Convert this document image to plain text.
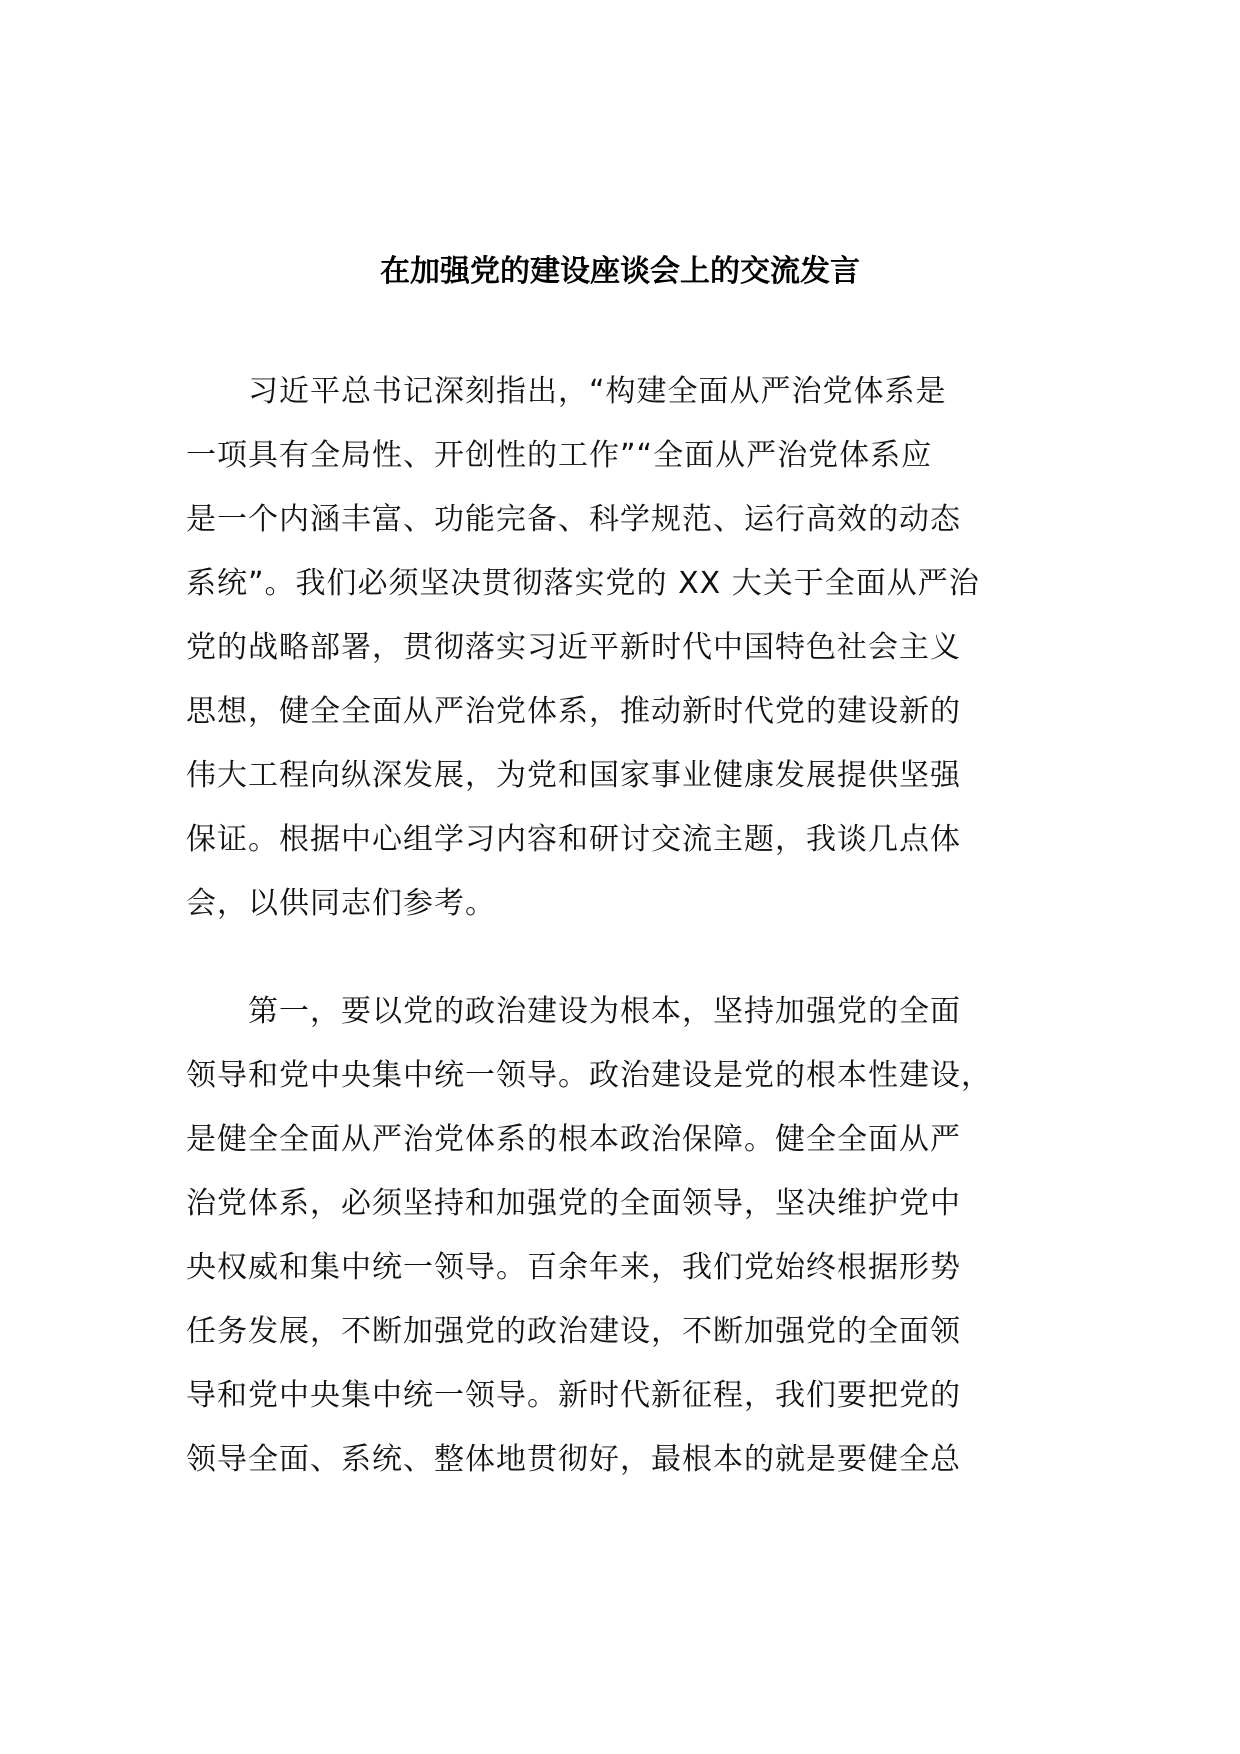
在加强党的建设座谈会上的交流发言
习近平总书记深刻指出，“构建全面从严治党体系是
一项具有全局性、开创性的工作”“全面从严治党体系应
是一个内涵丰富、功能完备、科学规范、运行高效的动态
系统”。我们必须坚决贯彻落实党的 XX 大关于全面从严治
党的战略部署，贯彻落实习近平新时代中国特色社会主义
思想，健全全面从严治党体系，推动新时代党的建设新的
伟大工程向纵深发展，为党和国家事业健康发展提供坚强
保证。根据中心组学习内容和研讨交流主题，我谈几点体
会，以供同志们参考。
第一，要以党的政治建设为根本，坚持加强党的全面
领导和党中央集中统一领导。政治建设是党的根本性建设，
是健全全面从严治党体系的根本政治保障。健全全面从严
治党体系，必须坚持和加强党的全面领导，坚决维护党中
央权威和集中统一领导。百余年来，我们党始终根据形势
任务发展，不断加强党的政治建设，不断加强党的全面领
导和党中央集中统一领导。新时代新征程，我们要把党的
领导全面、系统、整体地贯彻好，最根本的就是要健全总
